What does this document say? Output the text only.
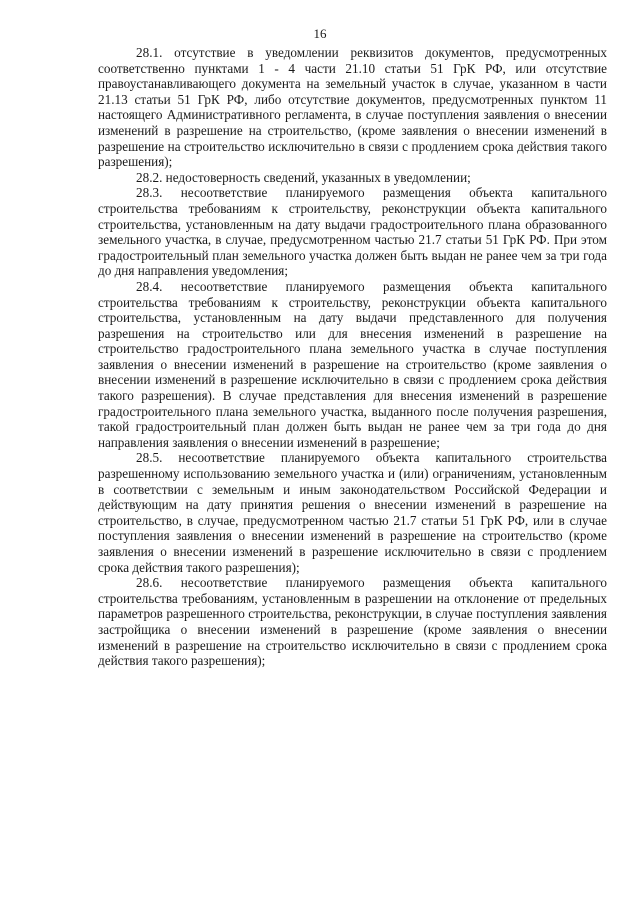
16

28.1. отсутствие в уведомлении реквизитов документов, предусмотренных соответственно пунктами 1 - 4 части 21.10 статьи 51 ГрК РФ, или отсутствие правоустанавливающего документа на земельный участок в случае, указанном в части 21.13 статьи 51 ГрК РФ, либо отсутствие документов, предусмотренных пунктом 11 настоящего Административного регламента, в случае поступления заявления о внесении изменений в разрешение на строительство, (кроме заявления о внесении изменений в разрешение на строительство исключительно в связи с продлением срока действия такого разрешения);

28.2. недостоверность сведений, указанных в уведомлении;

28.3. несоответствие планируемого размещения объекта капитального строительства требованиям к строительству, реконструкции объекта капитального строительства, установленным на дату выдачи градостроительного плана образованного земельного участка, в случае, предусмотренном частью 21.7 статьи 51 ГрК РФ. При этом градостроительный план земельного участка должен быть выдан не ранее чем за три года до дня направления уведомления;

28.4. несоответствие планируемого размещения объекта капитального строительства требованиям к строительству, реконструкции объекта капитального строительства, установленным на дату выдачи представленного для получения разрешения на строительство или для внесения изменений в разрешение на строительство градостроительного плана земельного участка в случае поступления заявления о внесении изменений в разрешение на строительство (кроме заявления о внесении изменений в разрешение исключительно в связи с продлением срока действия такого разрешения). В случае представления для внесения изменений в разрешение градостроительного плана земельного участка, выданного после получения разрешения, такой градостроительный план должен быть выдан не ранее чем за три года до дня направления заявления о внесении изменений в разрешение;

28.5. несоответствие планируемого объекта капитального строительства разрешенному использованию земельного участка и (или) ограничениям, установленным в соответствии с земельным и иным законодательством Российской Федерации и действующим на дату принятия решения о внесении изменений в разрешение на строительство, в случае, предусмотренном частью 21.7 статьи 51 ГрК РФ, или в случае поступления заявления о внесении изменений в разрешение на строительство (кроме заявления о внесении изменений в разрешение исключительно в связи с продлением срока действия такого разрешения);

28.6. несоответствие планируемого размещения объекта капитального строительства требованиям, установленным в разрешении на отклонение от предельных параметров разрешенного строительства, реконструкции, в случае поступления заявления застройщика о внесении изменений в разрешение (кроме заявления о внесении изменений в разрешение на строительство исключительно в связи с продлением срока действия такого разрешения);
